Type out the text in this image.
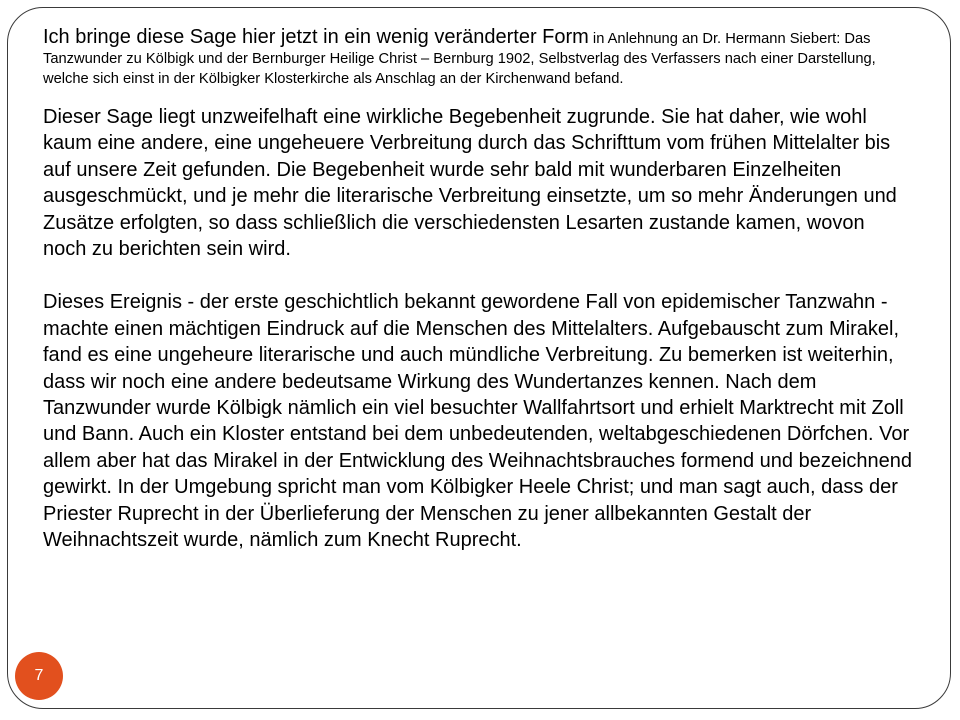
Ich bringe diese Sage hier jetzt in ein wenig veränderter Form in Anlehnung an Dr. Hermann Siebert: Das Tanzwunder zu Kölbigk und der Bernburger Heilige Christ – Bernburg 1902, Selbstverlag des Verfassers nach einer Darstellung, welche sich einst in der Kölbigker Klosterkirche als Anschlag an der Kirchenwand befand.

Dieser Sage liegt unzweifelhaft eine wirkliche Begebenheit zugrunde. Sie hat daher, wie wohl kaum eine andere, eine ungeheuere Verbreitung durch das Schrifttum vom frühen Mittelalter bis auf unsere Zeit gefunden. Die Begebenheit wurde sehr bald mit wunderbaren Einzelheiten ausgeschmückt, und je mehr die literarische Verbreitung einsetzte, um so mehr Änderungen und Zusätze erfolgten, so dass schließlich die verschiedensten Lesarten zustande kamen, wovon noch zu berichten sein wird.

Dieses Ereignis - der erste geschichtlich bekannt gewordene Fall von epidemischer Tanzwahn - machte einen mächtigen Eindruck auf die Menschen des Mittelalters. Aufgebauscht zum Mirakel, fand es eine ungeheure literarische und auch mündliche Verbreitung. Zu bemerken ist weiterhin, dass wir noch eine andere bedeutsame Wirkung des Wundertanzes kennen. Nach dem Tanzwunder wurde Kölbigk nämlich ein viel besuchter Wallfahrtsort und erhielt Marktrecht mit Zoll und Bann. Auch ein Kloster entstand bei dem unbedeutenden, weltabgeschiedenen Dörfchen. Vor allem aber hat das Mirakel in der Entwicklung des Weihnachtsbrauches formend und bezeichnend gewirkt. In der Umgebung spricht man vom Kölbigker Heele Christ; und man sagt auch, dass der Priester Ruprecht in der Überlieferung der Menschen zu jener allbekannten Gestalt der Weihnachtszeit wurde, nämlich zum Knecht Ruprecht.

7
